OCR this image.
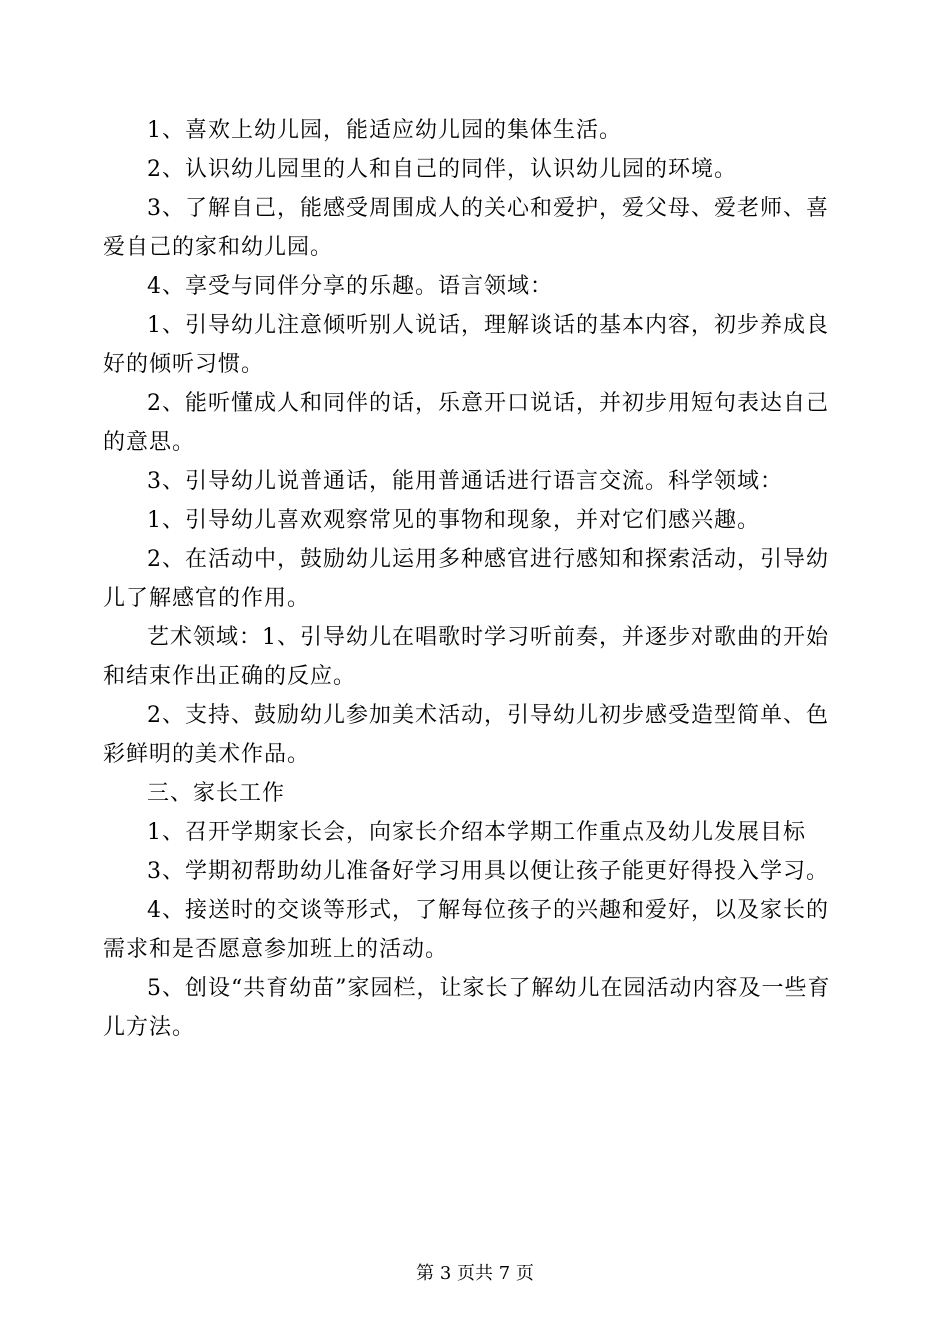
1、喜欢上幼儿园，能适应幼儿园的集体生活。

2、认识幼儿园里的人和自己的同伴，认识幼儿园的环境。

3、了解自己，能感受周围成人的关心和爱护，爱父母、爱老师、喜爱自己的家和幼儿园。

4、享受与同伴分享的乐趣。语言领域：

1、引导幼儿注意倾听别人说话，理解谈话的基本内容，初步养成良好的倾听习惯。

2、能听懂成人和同伴的话，乐意开口说话，并初步用短句表达自己的意思。

3、引导幼儿说普通话，能用普通话进行语言交流。科学领域：

1、引导幼儿喜欢观察常见的事物和现象，并对它们感兴趣。

2、在活动中，鼓励幼儿运用多种感官进行感知和探索活动，引导幼儿了解感官的作用。

艺术领域：1、引导幼儿在唱歌时学习听前奏，并逐步对歌曲的开始和结束作出正确的反应。

2、支持、鼓励幼儿参加美术活动，引导幼儿初步感受造型简单、色彩鲜明的美术作品。

三、家长工作

1、召开学期家长会，向家长介绍本学期工作重点及幼儿发展目标

3、学期初帮助幼儿准备好学习用具以便让孩子能更好得投入学习。

4、接送时的交谈等形式，了解每位孩子的兴趣和爱好，以及家长的需求和是否愿意参加班上的活动。

5、创设“共育幼苗”家园栏，让家长了解幼儿在园活动内容及一些育儿方法。

第 3 页共 7 页
